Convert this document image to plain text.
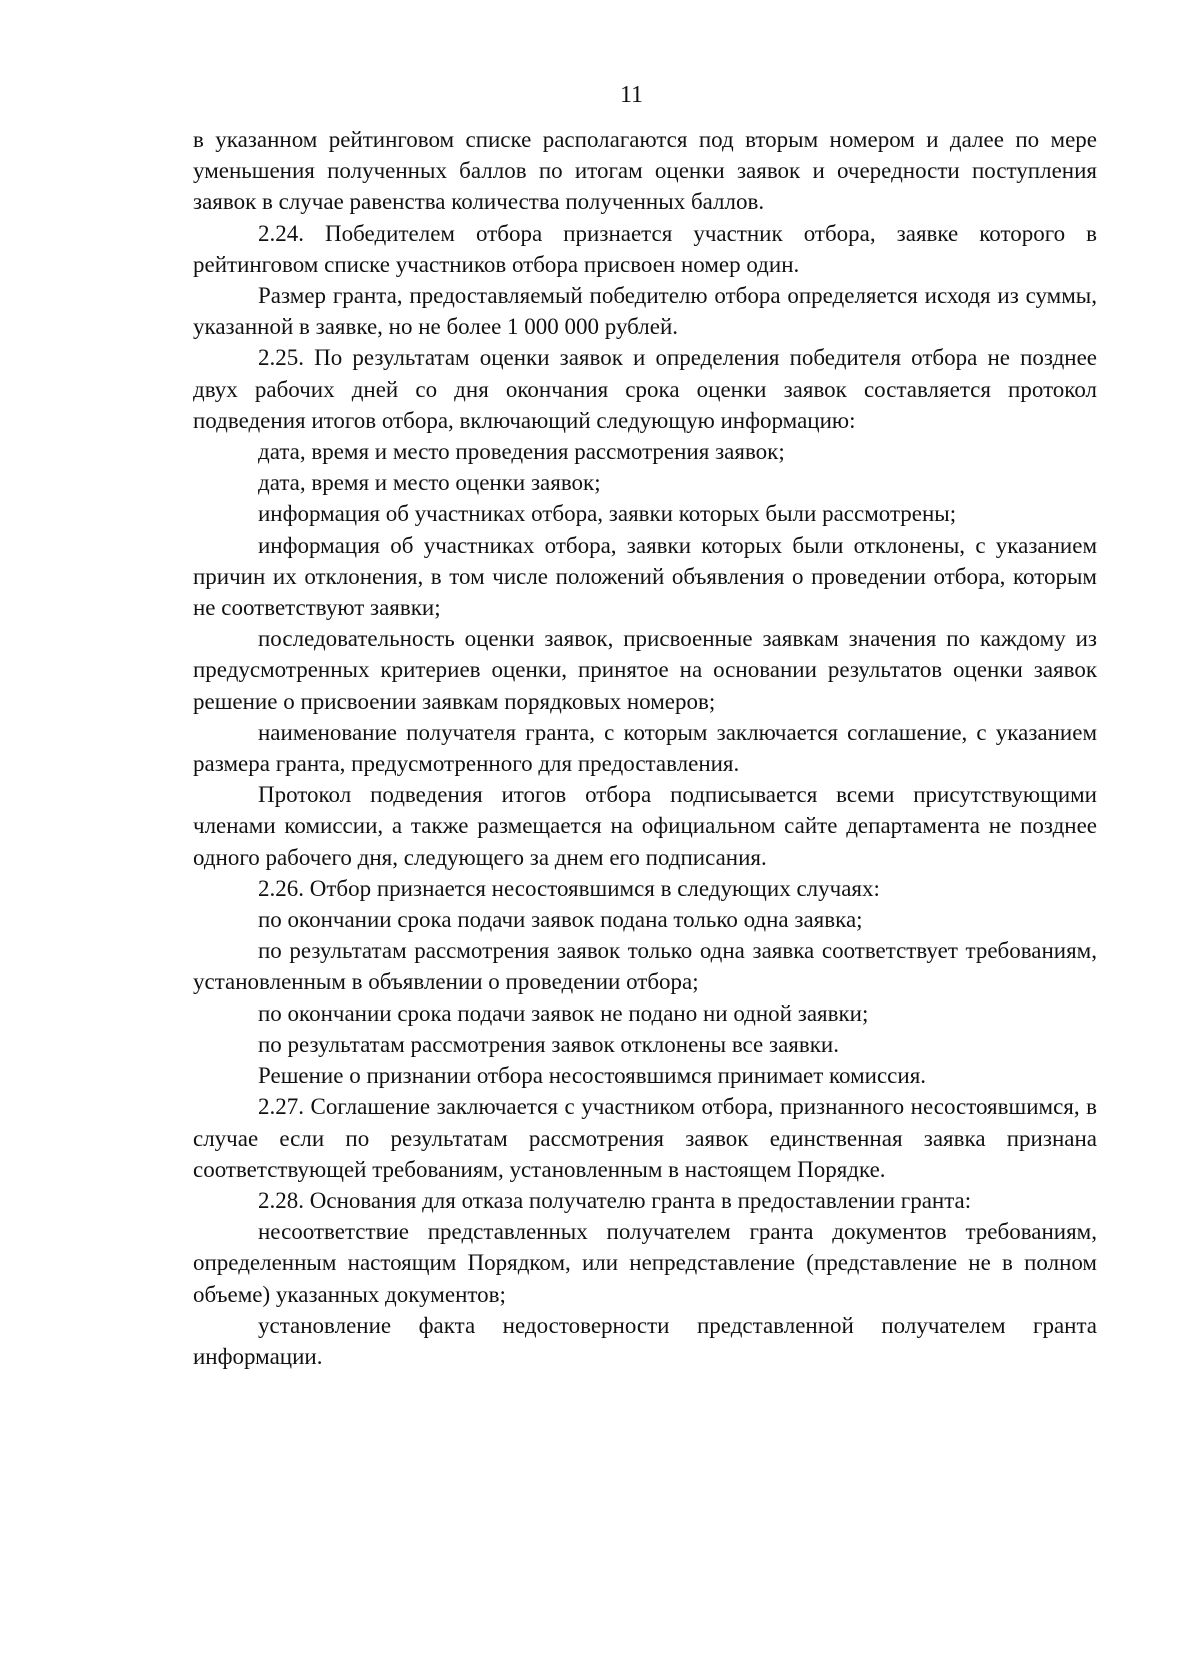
11

в указанном рейтинговом списке располагаются под вторым номером и далее по мере уменьшения полученных баллов по итогам оценки заявок и очередности поступления заявок в случае равенства количества полученных баллов.

2.24. Победителем отбора признается участник отбора, заявке которого в рейтинговом списке участников отбора присвоен номер один.

Размер гранта, предоставляемый победителю отбора определяется исходя из суммы, указанной в заявке, но не более 1 000 000 рублей.

2.25. По результатам оценки заявок и определения победителя отбора не позднее двух рабочих дней со дня окончания срока оценки заявок составляется протокол подведения итогов отбора, включающий следующую информацию:

дата, время и место проведения рассмотрения заявок;

дата, время и место оценки заявок;

информация об участниках отбора, заявки которых были рассмотрены;

информация об участниках отбора, заявки которых были отклонены, с указанием причин их отклонения, в том числе положений объявления о проведении отбора, которым не соответствуют заявки;

последовательность оценки заявок, присвоенные заявкам значения по каждому из предусмотренных критериев оценки, принятое на основании результатов оценки заявок решение о присвоении заявкам порядковых номеров;

наименование получателя гранта, с которым заключается соглашение, с указанием размера гранта, предусмотренного для предоставления.

Протокол подведения итогов отбора подписывается всеми присутствующими членами комиссии, а также размещается на официальном сайте департамента не позднее одного рабочего дня, следующего за днем его подписания.

2.26. Отбор признается несостоявшимся в следующих случаях:

по окончании срока подачи заявок подана только одна заявка;

по результатам рассмотрения заявок только одна заявка соответствует требованиям, установленным в объявлении о проведении отбора;

по окончании срока подачи заявок не подано ни одной заявки;

по результатам рассмотрения заявок отклонены все заявки.

Решение о признании отбора несостоявшимся принимает комиссия.

2.27. Соглашение заключается с участником отбора, признанного несостоявшимся, в случае если по результатам рассмотрения заявок единственная заявка признана соответствующей требованиям, установленным в настоящем Порядке.

2.28. Основания для отказа получателю гранта в предоставлении гранта:

несоответствие представленных получателем гранта документов требованиям, определенным настоящим Порядком, или непредставление (представление не в полном объеме) указанных документов;

установление факта недостоверности представленной получателем гранта информации.
